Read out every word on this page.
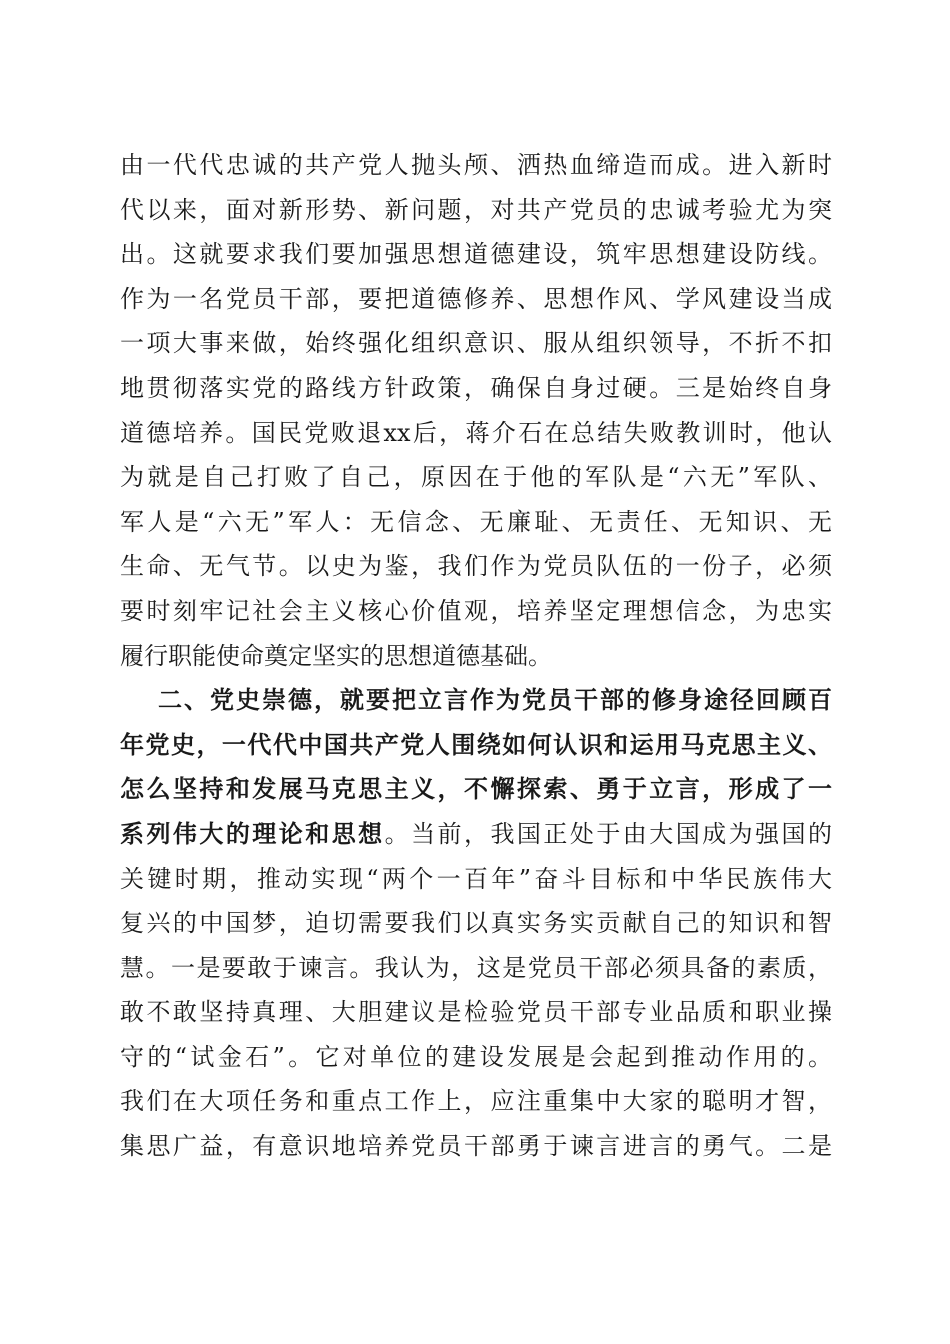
由一代代忠诚的共产党人抛头颅、洒热血缔造而成。进入新时
代以来，面对新形势、新问题，对共产党员的忠诚考验尤为突
出。这就要求我们要加强思想道德建设，筑牢思想建设防线。
作为一名党员干部，要把道德修养、思想作风、学风建设当成
一项大事来做，始终强化组织意识、服从组织领导，不折不扣
地贯彻落实党的路线方针政策，确保自身过硬。三是始终自身
道德培养。国民党败退xx后，蒋介石在总结失败教训时，他认
为就是自己打败了自己，原因在于他的军队是“六无”军队、
军人是“六无”军人：无信念、无廉耻、无责任、无知识、无
生命、无气节。以史为鉴，我们作为党员队伍的一份子，必须
要时刻牢记社会主义核心价值观，培养坚定理想信念，为忠实
履行职能使命奠定坚实的思想道德基础。
二、党史崇德，就要把立言作为党员干部的修身途径回顾百
年党史，一代代中国共产党人围绕如何认识和运用马克思主义、
怎么坚持和发展马克思主义，不懈探索、勇于立言，形成了一
系列伟大的理论和思想。当前，我国正处于由大国成为强国的
关键时期，推动实现“两个一百年”奋斗目标和中华民族伟大
复兴的中国梦，迫切需要我们以真实务实贡献自己的知识和智
慧。一是要敢于谏言。我认为，这是党员干部必须具备的素质，
敢不敢坚持真理、大胆建议是检验党员干部专业品质和职业操
守的“试金石”。它对单位的建设发展是会起到推动作用的。
我们在大项任务和重点工作上，应注重集中大家的聪明才智，
集思广益，有意识地培养党员干部勇于谏言进言的勇气。二是
